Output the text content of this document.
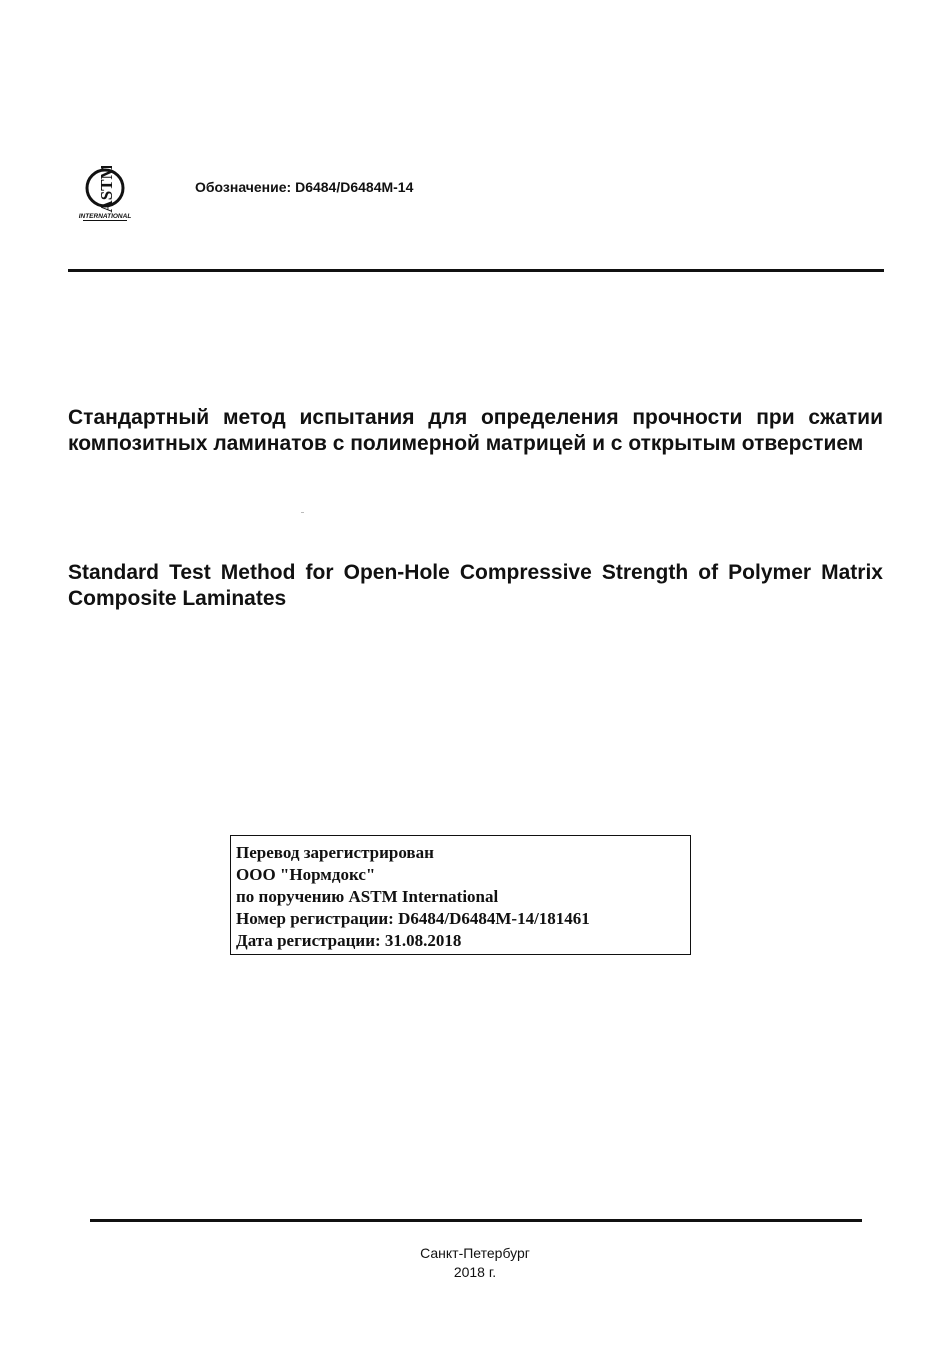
ASTM
INTERNATIONAL
Обозначение: D6484/D6484M-14

Стандартный метод испытания для определения прочности при сжатии композитных ламинатов с полимерной матрицей и с открытым отверстием

Standard Test Method for Open-Hole Compressive Strength of Polymer Matrix Composite Laminates

Перевод зарегистрирован
ООО "Нормдокс"
по поручению ASTM International
Номер регистрации: D6484/D6484M-14/181461
Дата регистрации: 31.08.2018
Санкт-Петербург
2018 г.
